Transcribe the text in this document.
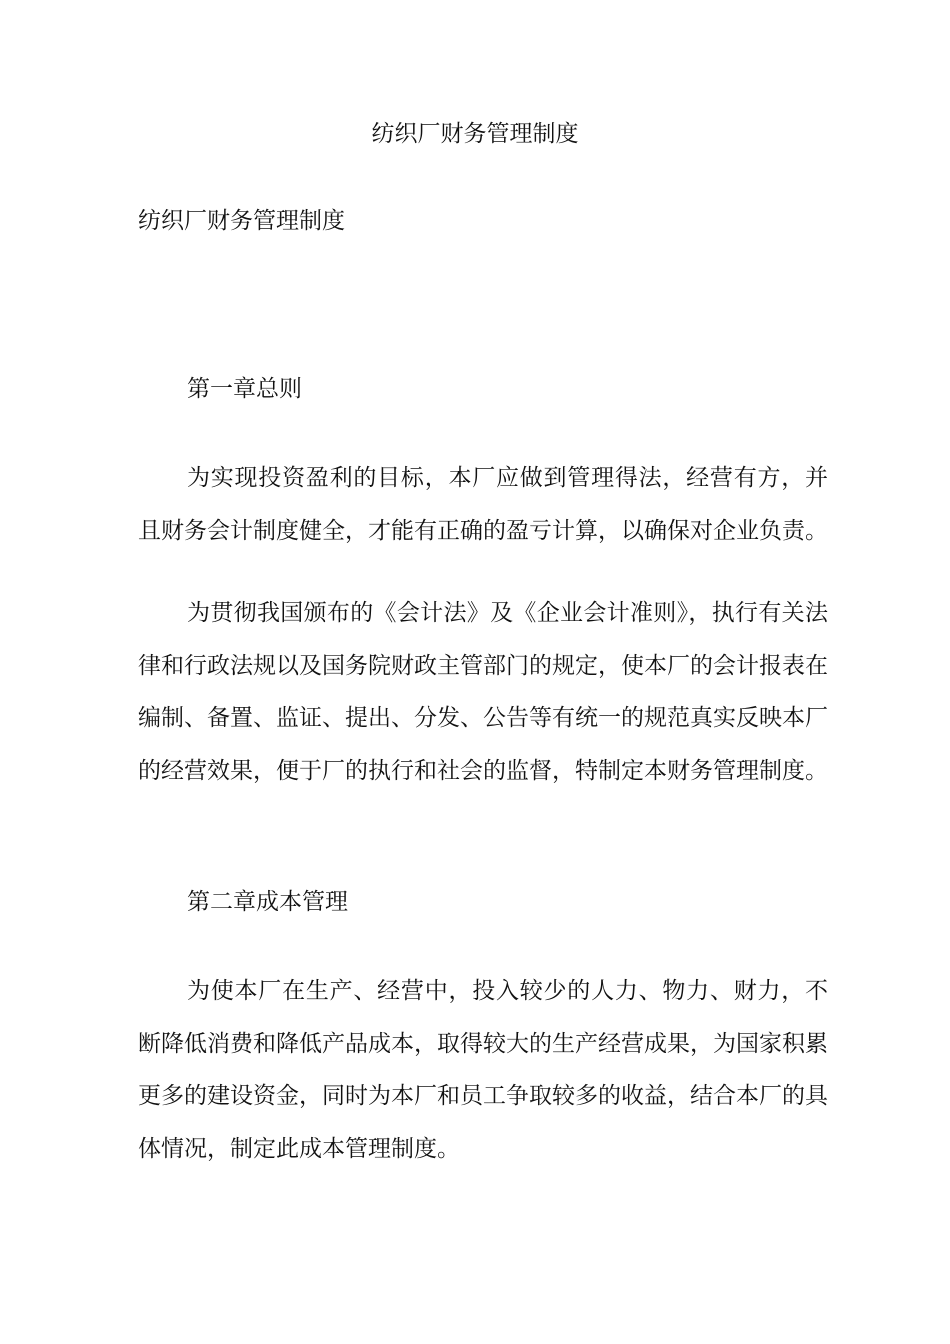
纺织厂财务管理制度
纺织厂财务管理制度
第一章总则

为实现投资盈利的目标，本厂应做到管理得法，经营有方，并且财务会计制度健全，才能有正确的盈亏计算，以确保对企业负责。

为贯彻我国颁布的《会计法》及《企业会计准则》，执行有关法律和行政法规以及国务院财政主管部门的规定，使本厂的会计报表在编制、备置、监证、提出、分发、公告等有统一的规范真实反映本厂的经营效果，便于厂的执行和社会的监督，特制定本财务管理制度。

第二章成本管理

为使本厂在生产、经营中，投入较少的人力、物力、财力，不断降低消费和降低产品成本，取得较大的生产经营成果，为国家积累更多的建设资金，同时为本厂和员工争取较多的收益，结合本厂的具体情况，制定此成本管理制度。
